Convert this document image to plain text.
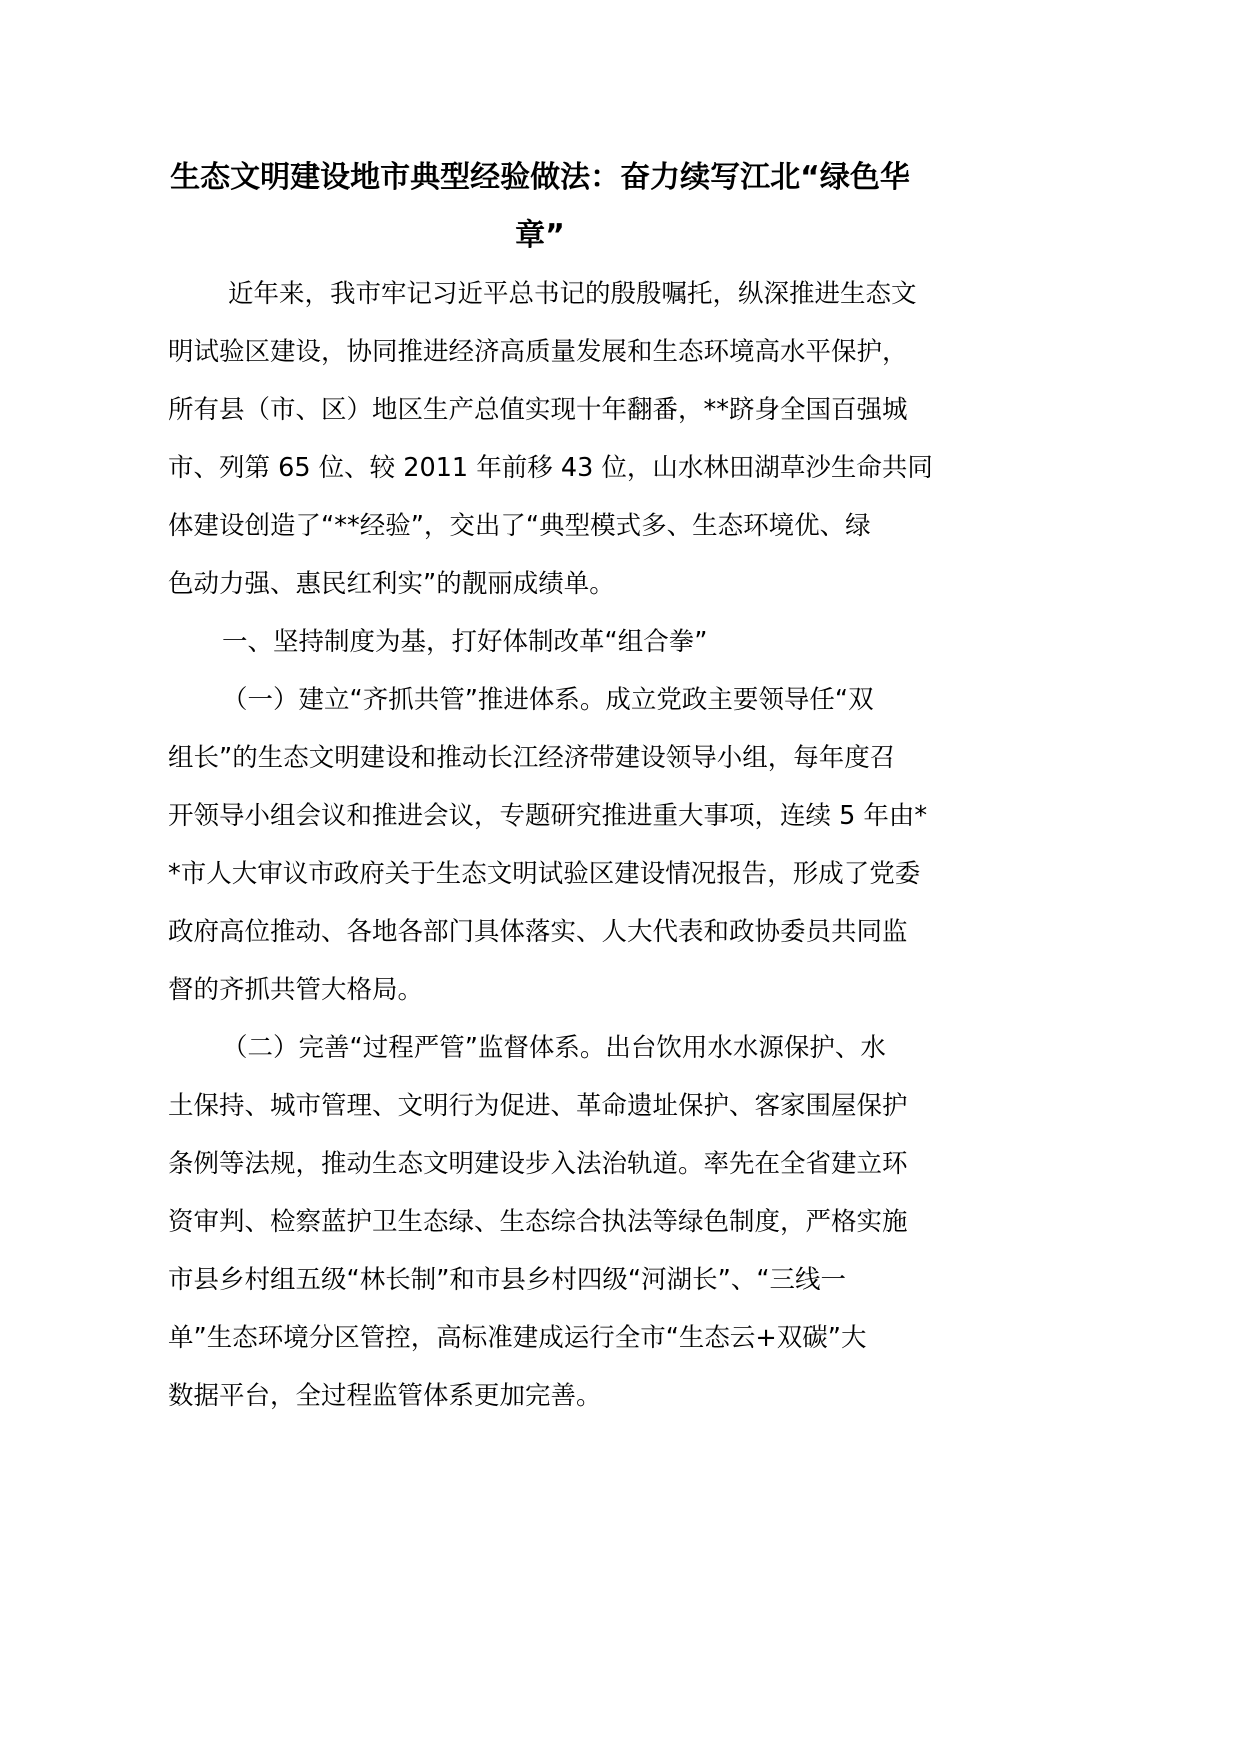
生态文明建设地市典型经验做法：奋力续写江北“绿色华
章”
近年来，我市牢记习近平总书记的殷殷嘱托，纵深推进生态文
明试验区建设，协同推进经济高质量发展和生态环境高水平保护，
所有县（市、区）地区生产总值实现十年翻番，**跻身全国百强城
市、列第 65 位、较 2011 年前移 43 位，山水林田湖草沙生命共同
体建设创造了“**经验”，交出了“典型模式多、生态环境优、绿
色动力强、惠民红利实”的靓丽成绩单。
一、坚持制度为基，打好体制改革“组合拳”
（一）建立“齐抓共管”推进体系。成立党政主要领导任“双
组长”的生态文明建设和推动长江经济带建设领导小组，每年度召
开领导小组会议和推进会议，专题研究推进重大事项，连续 5 年由*
*市人大审议市政府关于生态文明试验区建设情况报告，形成了党委
政府高位推动、各地各部门具体落实、人大代表和政协委员共同监
督的齐抓共管大格局。
（二）完善“过程严管”监督体系。出台饮用水水源保护、水
土保持、城市管理、文明行为促进、革命遗址保护、客家围屋保护
条例等法规，推动生态文明建设步入法治轨道。率先在全省建立环
资审判、检察蓝护卫生态绿、生态综合执法等绿色制度，严格实施
市县乡村组五级“林长制”和市县乡村四级“河湖长”、“三线一
单”生态环境分区管控，高标准建成运行全市“生态云+双碳”大
数据平台，全过程监管体系更加完善。
